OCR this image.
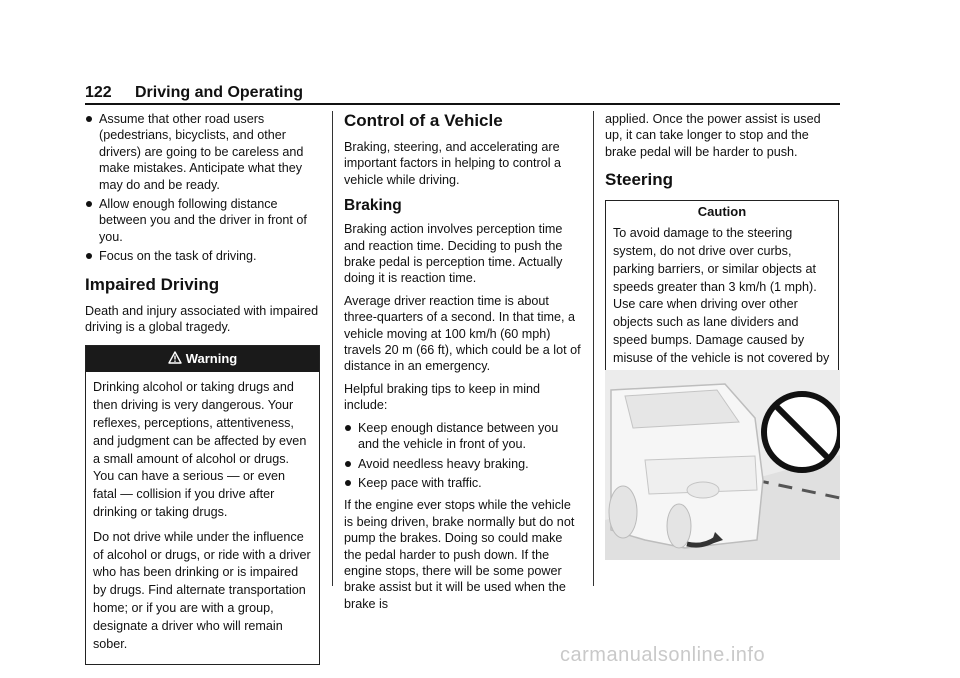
122 Driving and Operating
Assume that other road users (pedestrians, bicyclists, and other drivers) are going to be careless and make mistakes. Anticipate what they may do and be ready.
Allow enough following distance between you and the driver in front of you.
Focus on the task of driving.
Impaired Driving

Death and injury associated with impaired driving is a global tragedy.

Warning

Drinking alcohol or taking drugs and then driving is very dangerous. Your reflexes, perceptions, attentiveness, and judgment can be affected by even a small amount of alcohol or drugs. You can have a serious — or even fatal — collision if you drive after drinking or taking drugs.

Do not drive while under the influence of alcohol or drugs, or ride with a driver who has been drinking or is impaired by drugs. Find alternate transportation home; or if you are with a group, designate a driver who will remain sober.

Control of a Vehicle

Braking, steering, and accelerating are important factors in helping to control a vehicle while driving.

Braking

Braking action involves perception time and reaction time. Deciding to push the brake pedal is perception time. Actually doing it is reaction time.

Average driver reaction time is about three-quarters of a second. In that time, a vehicle moving at 100 km/h (60 mph) travels 20 m (66 ft), which could be a lot of distance in an emergency.

Helpful braking tips to keep in mind include:

Keep enough distance between you and the vehicle in front of you.
Avoid needless heavy braking.
Keep pace with traffic.

If the engine ever stops while the vehicle is being driven, brake normally but do not pump the brakes. Doing so could make the pedal harder to push down. If the engine stops, there will be some power brake assist but it will be used when the brake is

applied. Once the power assist is used up, it can take longer to stop and the brake pedal will be harder to push.

Steering
Caution

To avoid damage to the steering system, do not drive over curbs, parking barriers, or similar objects at speeds greater than 3 km/h (1 mph). Use care when driving over other objects such as lane dividers and speed bumps. Damage caused by misuse of the vehicle is not covered by

carmanualsonline.info
